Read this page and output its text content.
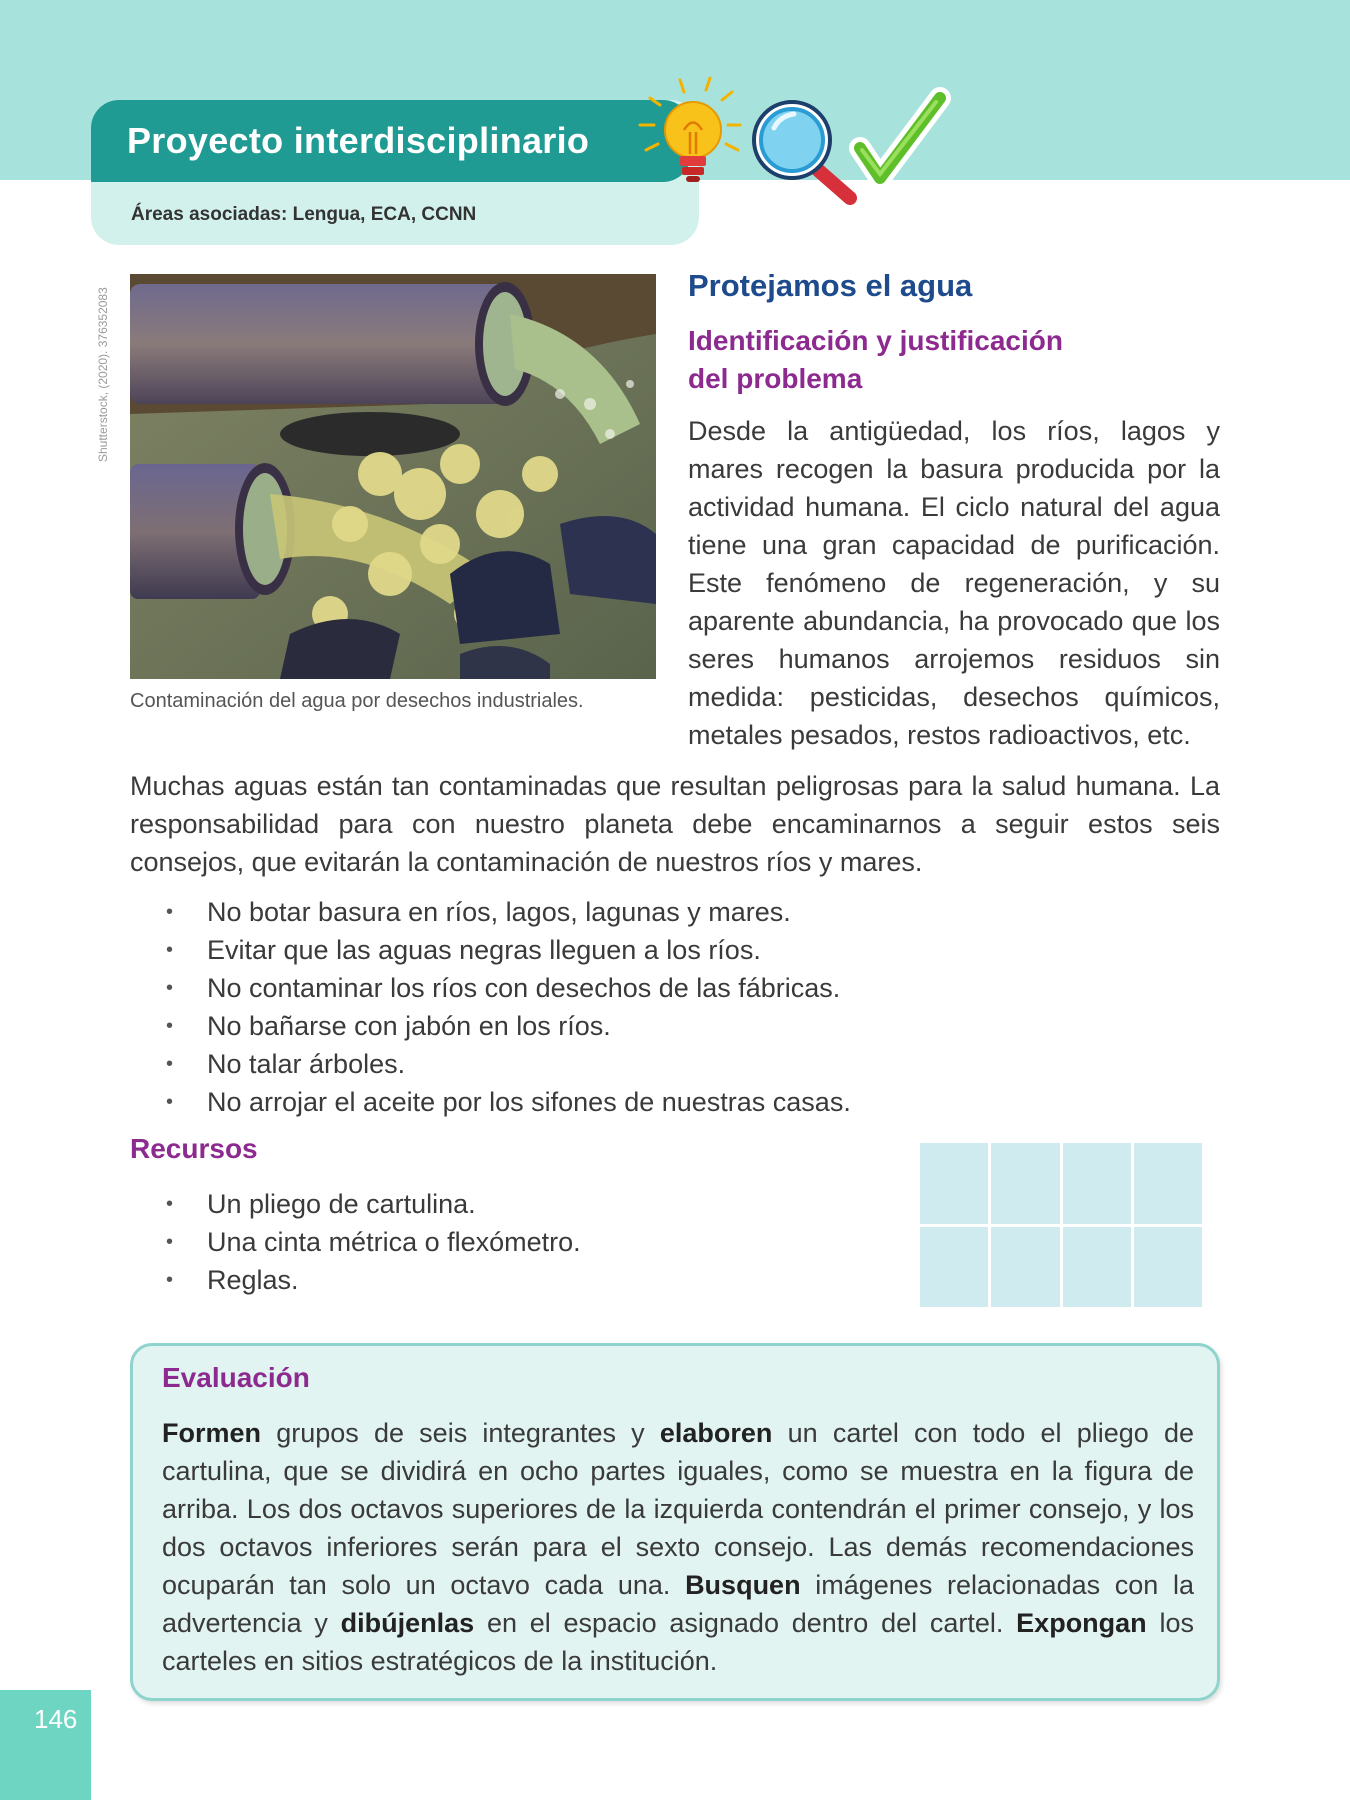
Proyecto interdisciplinario
Áreas asociadas: Lengua, ECA, CCNN
Shutterstock, (2020). 376352083
Contaminación del agua por desechos industriales.
Protejamos el agua
Identificación y justificación del problema
Desde la antigüedad, los ríos, lagos y mares recogen la basura producida por la actividad humana. El ciclo natural del agua tiene una gran capacidad de purificación. Este fenómeno de regeneración, y su aparente abundancia, ha provocado que los seres humanos arrojemos residuos sin medida: pesticidas, desechos químicos, metales pesados, restos radioactivos, etc.
Muchas aguas están tan contaminadas que resultan peligrosas para la salud humana. La responsabilidad para con nuestro planeta debe encaminarnos a seguir estos seis consejos, que evitarán la contaminación de nuestros ríos y mares.
• No botar basura en ríos, lagos, lagunas y mares.
• Evitar que las aguas negras lleguen a los ríos.
• No contaminar los ríos con desechos de las fábricas.
• No bañarse con jabón en los ríos.
• No talar árboles.
• No arrojar el aceite por los sifones de nuestras casas.
Recursos
• Un pliego de cartulina.
• Una cinta métrica o flexómetro.
• Reglas.
Evaluación
Formen grupos de seis integrantes y elaboren un cartel con todo el pliego de cartulina, que se dividirá en ocho partes iguales, como se muestra en la figura de arriba. Los dos octavos superiores de la izquierda contendrán el primer consejo, y los dos octavos inferiores serán para el sexto consejo. Las demás recomendaciones ocuparán tan solo un octavo cada una. Busquen imágenes relacionadas con la advertencia y dibújenlas en el espacio asignado dentro del cartel. Expongan los carteles en sitios estratégicos de la institución.
146
